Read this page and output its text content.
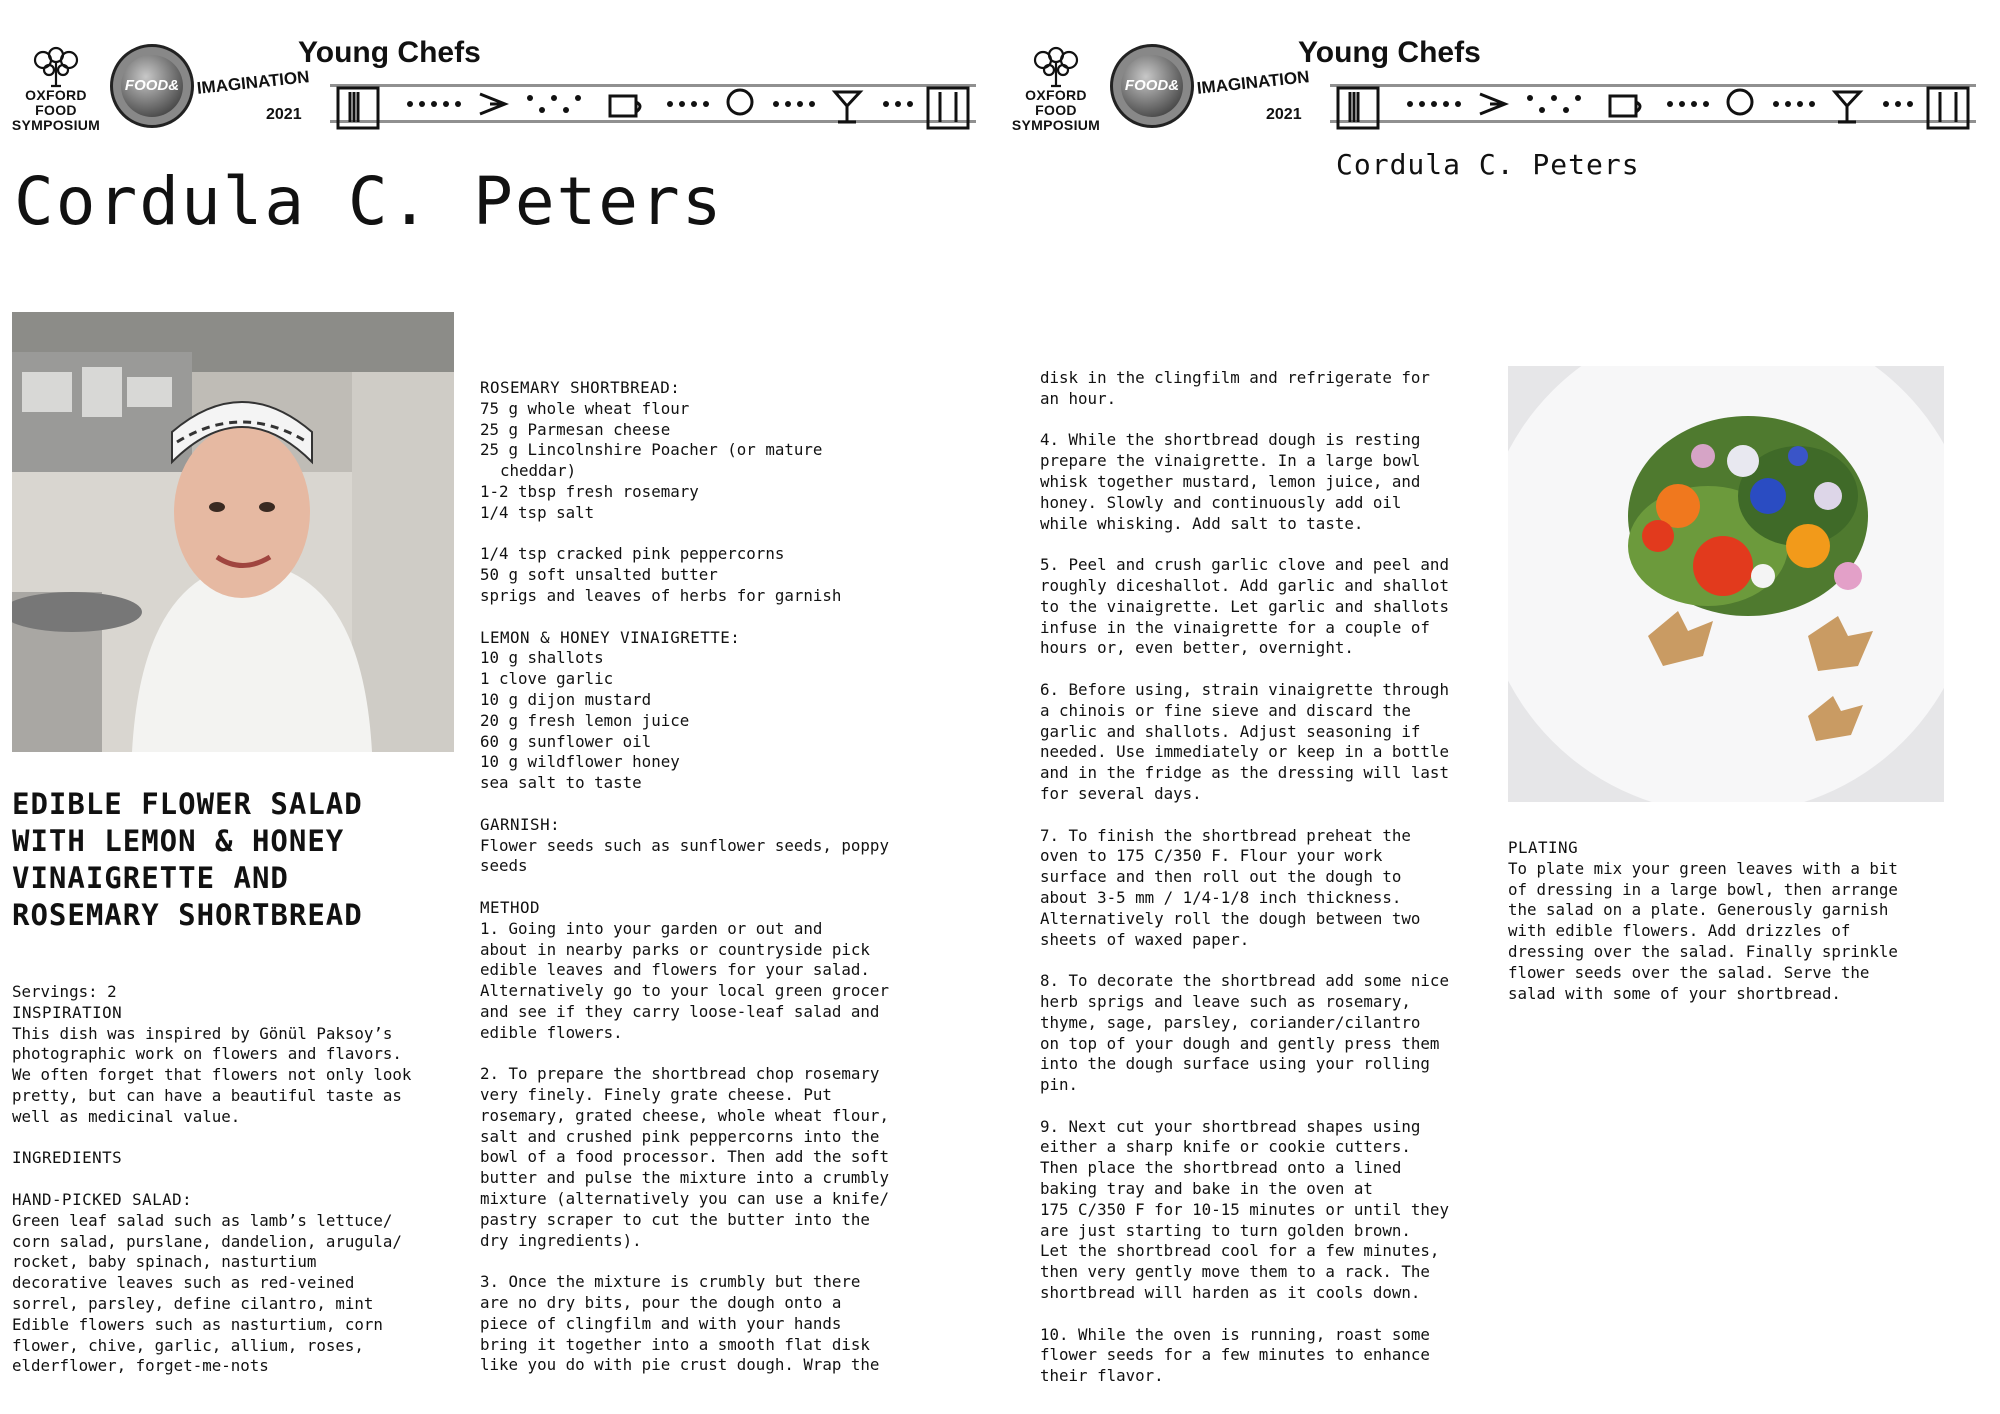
OXFORD FOOD
SYMPOSIUM
FOOD& IMAGINATION
2021
Young Chefs
Cordula C. Peters
EDIBLE FLOWER SALAD WITH LEMON & HONEY VINAIGRETTE AND ROSEMARY SHORTBREAD

Servings: 2

INSPIRATION

This dish was inspired by Gönül Paksoy’s

photographic work on flowers and flavors.

We often forget that flowers not only look

pretty, but can have a beautiful taste as

well as medicinal value.

INGREDIENTS

HAND-PICKED SALAD:

Green leaf salad such as lamb’s lettuce/

corn salad, purslane, dandelion, arugula/

rocket, baby spinach, nasturtium

decorative leaves such as red-veined

sorrel, parsley, define cilantro, mint

Edible flowers such as nasturtium, corn

flower, chive, garlic, allium, roses,

elderflower, forget-me-nots

ROSEMARY SHORTBREAD:

75 g whole wheat flour

25 g Parmesan cheese

25 g Lincolnshire Poacher (or mature

cheddar)

1-2 tbsp fresh rosemary

1/4 tsp salt

1/4 tsp cracked pink peppercorns

50 g soft unsalted butter

sprigs and leaves of herbs for garnish

LEMON & HONEY VINAIGRETTE:

10 g shallots

1 clove garlic

10 g dijon mustard

20 g fresh lemon juice

60 g sunflower oil

10 g wildflower honey

sea salt to taste

GARNISH:

Flower seeds such as sunflower seeds, poppy

seeds

METHOD

1. Going into your garden or out and

about in nearby parks or countryside pick

edible leaves and flowers for your salad.

Alternatively go to your local green grocer

and see if they carry loose-leaf salad and

edible flowers.

2. To prepare the shortbread chop rosemary

very finely. Finely grate cheese. Put

rosemary, grated cheese, whole wheat flour,

salt and crushed pink peppercorns into the

bowl of a food processor. Then add the soft

butter and pulse the mixture into a crumbly

mixture (alternatively you can use a knife/

pastry scraper to cut the butter into the

dry ingredients).

3. Once the mixture is crumbly but there

are no dry bits, pour the dough onto a

piece of clingfilm and with your hands

bring it together into a smooth flat disk

like you do with pie crust dough. Wrap the

OXFORD FOOD
SYMPOSIUM
FOOD& IMAGINATION
2021
Young Chefs
Cordula C. Peters

disk in the clingfilm and refrigerate for

an hour.

4. While the shortbread dough is resting

prepare the vinaigrette. In a large bowl

whisk together mustard, lemon juice, and

honey. Slowly and continuously add oil

while whisking. Add salt to taste.

5. Peel and crush garlic clove and peel and

roughly diceshallot. Add garlic and shallot

to the vinaigrette. Let garlic and shallots

infuse in the vinaigrette for a couple of

hours or, even better, overnight.

6. Before using, strain vinaigrette through

a chinois or fine sieve and discard the

garlic and shallots. Adjust seasoning if

needed. Use immediately or keep in a bottle

and in the fridge as the dressing will last

for several days.

7. To finish the shortbread preheat the

oven to 175 C/350 F. Flour your work

surface and then roll out the dough to

about 3-5 mm / 1/4-1/8 inch thickness.

Alternatively roll the dough between two

sheets of waxed paper.

8. To decorate the shortbread add some nice

herb sprigs and leave such as rosemary,

thyme, sage, parsley, coriander/cilantro

on top of your dough and gently press them

into the dough surface using your rolling

pin.

9. Next cut your shortbread shapes using

either a sharp knife or cookie cutters.

Then place the shortbread onto a lined

baking tray and bake in the oven at

175 C/350 F for 10-15 minutes or until they

are just starting to turn golden brown.

Let the shortbread cool for a few minutes,

then very gently move them to a rack. The

shortbread will harden as it cools down.

10. While the oven is running, roast some

flower seeds for a few minutes to enhance

their flavor.

PLATING

To plate mix your green leaves with a bit

of dressing in a large bowl, then arrange

the salad on a plate. Generously garnish

with edible flowers. Add drizzles of

dressing over the salad. Finally sprinkle

flower seeds over the salad. Serve the

salad with some of your shortbread.
